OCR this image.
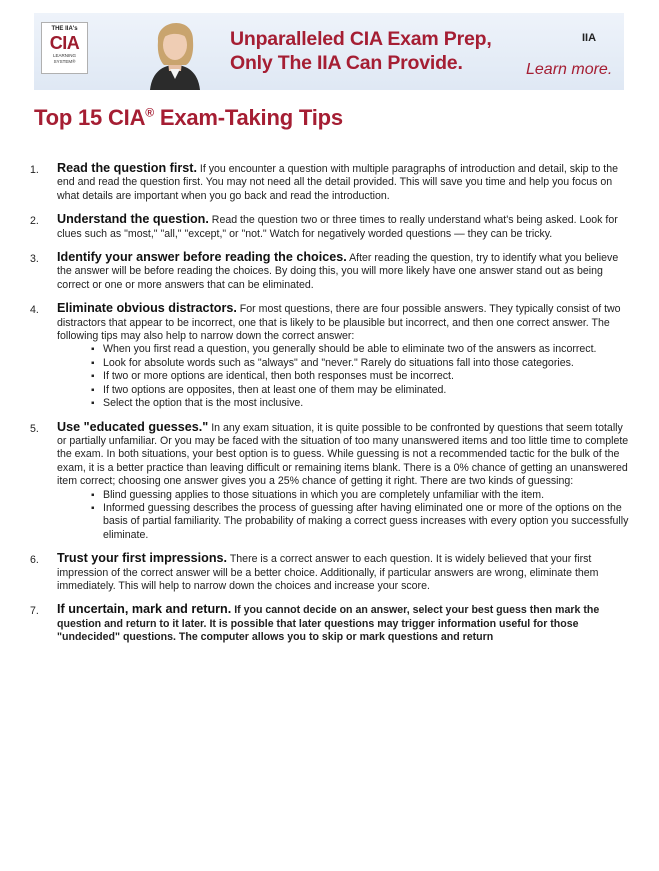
THE IIA's
CIA
LEARNING SYSTEM®
Unparalleled CIA Exam Prep,
Only The IIA Can Provide.
IIA
Learn more.
Top 15 CIA® Exam-Taking Tips
1. Read the question first. If you encounter a question with multiple paragraphs of introduction and detail, skip to the end and read the question first. You may not need all the detail provided. This will save you time and help you focus on what details are important when you go back and read the introduction.
2. Understand the question. Read the question two or three times to really understand what's being asked. Look for clues such as "most," "all," "except," or "not." Watch for negatively worded questions — they can be tricky.
3. Identify your answer before reading the choices. After reading the question, try to identify what you believe the answer will be before reading the choices. By doing this, you will more likely have one answer stand out as being correct or one or more answers that can be eliminated.
4. Eliminate obvious distractors. For most questions, there are four possible answers. They typically consist of two distractors that appear to be incorrect, one that is likely to be plausible but incorrect, and then one correct answer. The following tips may also help to narrow down the correct answer:
▪ When you first read a question, you generally should be able to eliminate two of the answers as incorrect.
▪ Look for absolute words such as "always" and "never." Rarely do situations fall into those categories.
▪ If two or more options are identical, then both responses must be incorrect.
▪ If two options are opposites, then at least one of them may be eliminated.
▪ Select the option that is the most inclusive.
5. Use "educated guesses." In any exam situation, it is quite possible to be confronted by questions that seem totally or partially unfamiliar. Or you may be faced with the situation of too many unanswered items and too little time to complete the exam. In both situations, your best option is to guess. While guessing is not a recommended tactic for the bulk of the exam, it is a better practice than leaving difficult or remaining items blank. There is a 0% chance of getting an unanswered item correct; choosing one answer gives you a 25% chance of getting it right. There are two kinds of guessing:
▪ Blind guessing applies to those situations in which you are completely unfamiliar with the item.
▪ Informed guessing describes the process of guessing after having eliminated one or more of the options on the basis of partial familiarity. The probability of making a correct guess increases with every option you successfully eliminate.
6. Trust your first impressions. There is a correct answer to each question. It is widely believed that your first impression of the correct answer will be a better choice. Additionally, if particular answers are wrong, eliminate them immediately. This will help to narrow down the choices and increase your score.
7. If uncertain, mark and return. If you cannot decide on an answer, select your best guess then mark the question and return to it later. It is possible that later questions may trigger information useful for those "undecided" questions. The computer allows you to skip or mark questions and return
